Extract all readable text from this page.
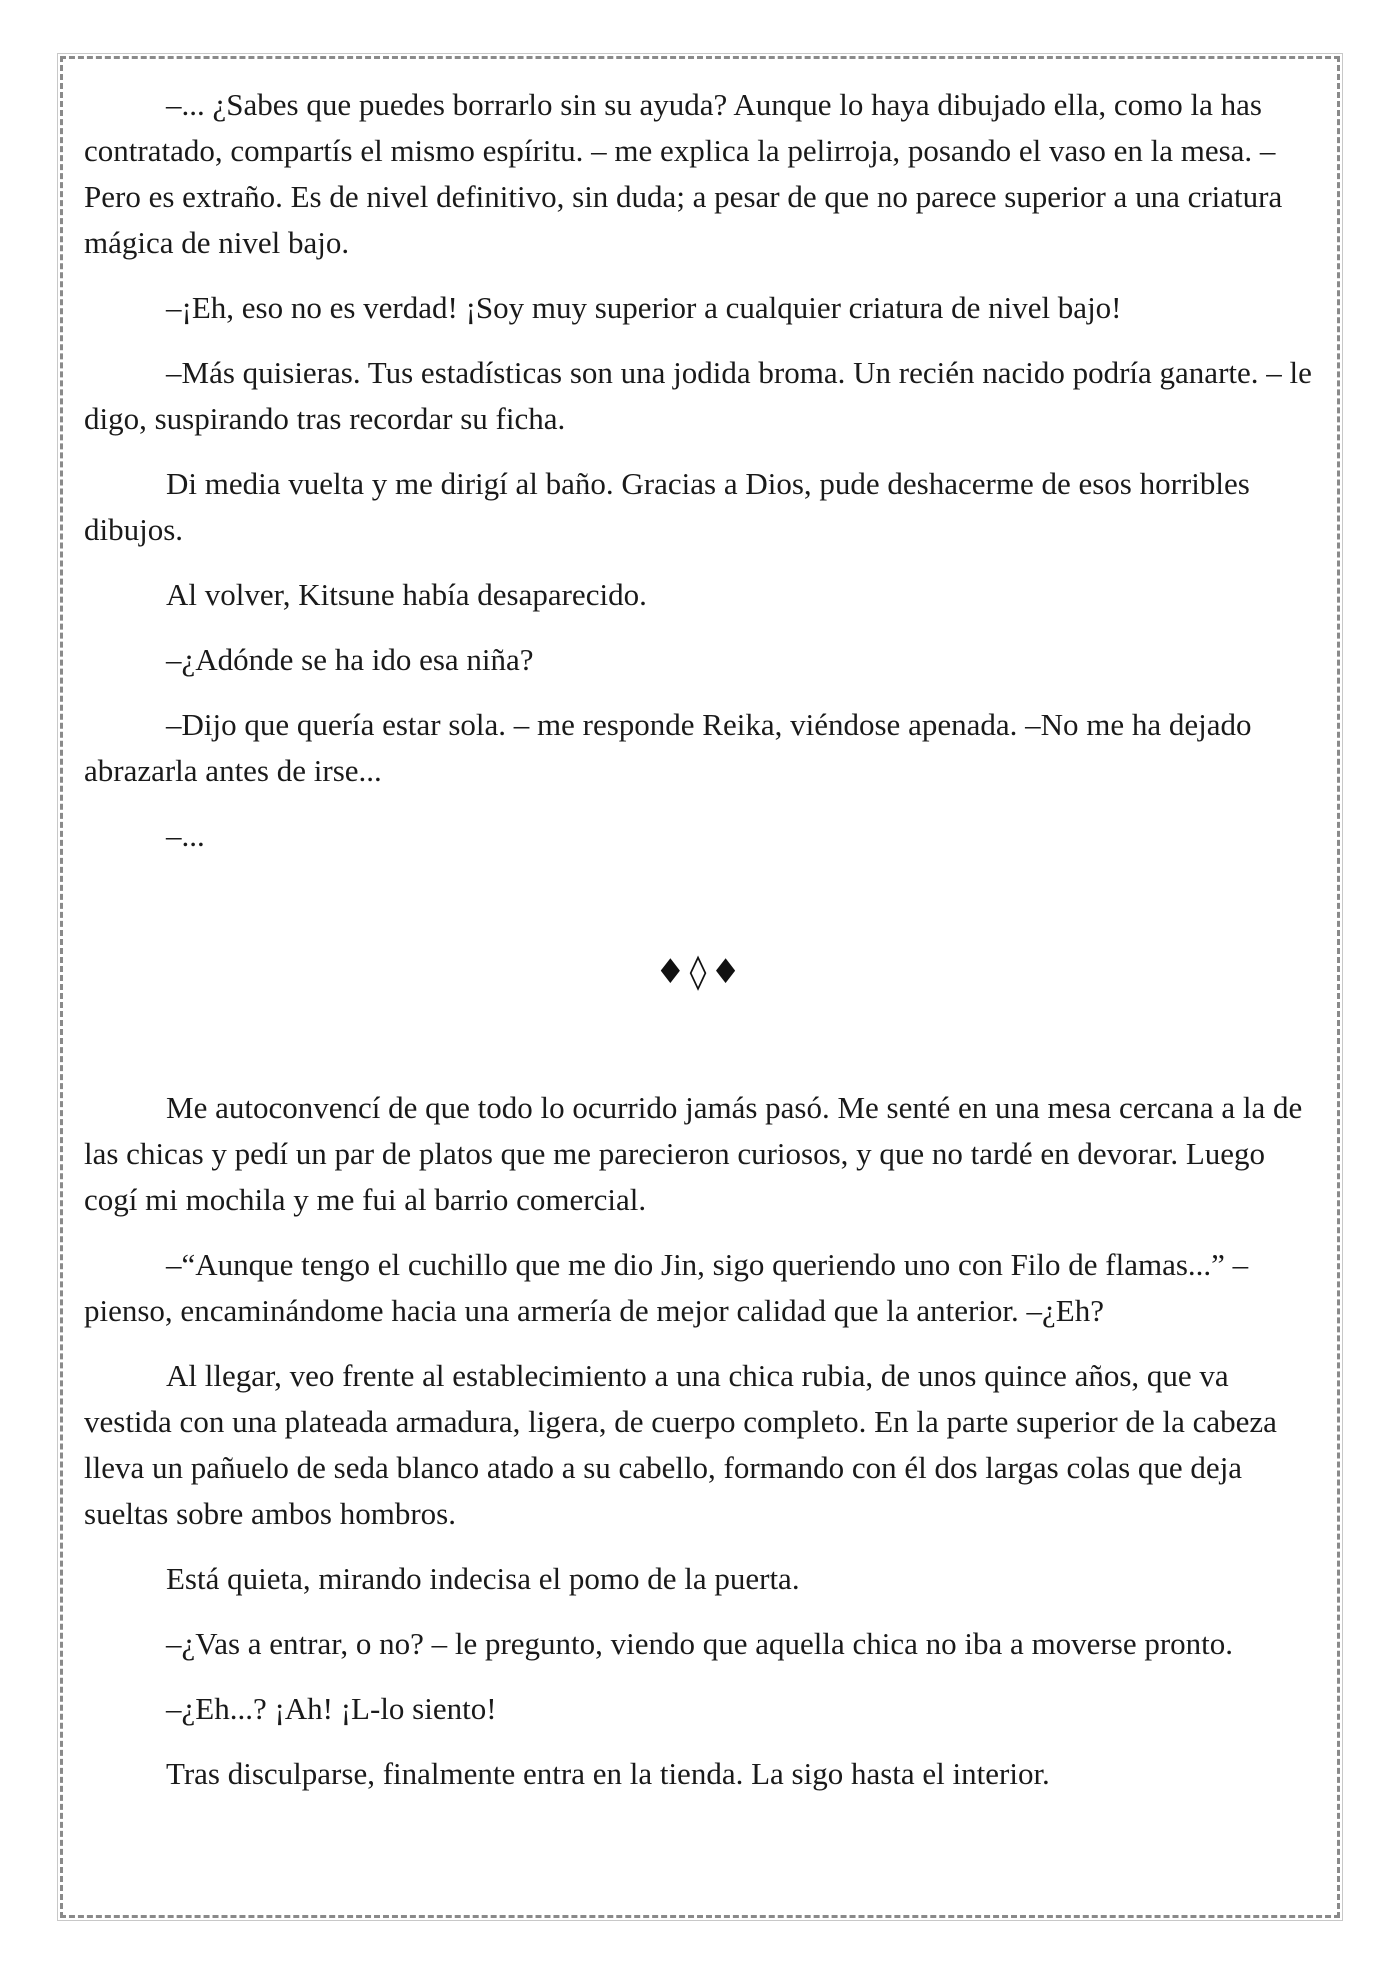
–... ¿Sabes que puedes borrarlo sin su ayuda? Aunque lo haya dibujado ella, como la has contratado, compartís el mismo espíritu. – me explica la pelirroja, posando el vaso en la mesa. –Pero es extraño. Es de nivel definitivo, sin duda; a pesar de que no parece superior a una criatura mágica de nivel bajo.

–¡Eh, eso no es verdad! ¡Soy muy superior a cualquier criatura de nivel bajo!

–Más quisieras. Tus estadísticas son una jodida broma. Un recién nacido podría ganarte. – le digo, suspirando tras recordar su ficha.

Di media vuelta y me dirigí al baño. Gracias a Dios, pude deshacerme de esos horribles dibujos.

Al volver, Kitsune había desaparecido.

–¿Adónde se ha ido esa niña?

–Dijo que quería estar sola. – me responde Reika, viéndose apenada. –No me ha dejado abrazarla antes de irse...

–...

♦◊♦

Me autoconvencí de que todo lo ocurrido jamás pasó. Me senté en una mesa cercana a la de las chicas y pedí un par de platos que me parecieron curiosos, y que no tardé en devorar. Luego cogí mi mochila y me fui al barrio comercial.

–“Aunque tengo el cuchillo que me dio Jin, sigo queriendo uno con Filo de flamas...” – pienso, encaminándome hacia una armería de mejor calidad que la anterior. –¿Eh?

Al llegar, veo frente al establecimiento a una chica rubia, de unos quince años, que va vestida con una plateada armadura, ligera, de cuerpo completo. En la parte superior de la cabeza lleva un pañuelo de seda blanco atado a su cabello, formando con él dos largas colas que deja sueltas sobre ambos hombros.

Está quieta, mirando indecisa el pomo de la puerta.

–¿Vas a entrar, o no? – le pregunto, viendo que aquella chica no iba a moverse pronto.

–¿Eh...? ¡Ah! ¡L-lo siento!

Tras disculparse, finalmente entra en la tienda. La sigo hasta el interior.
